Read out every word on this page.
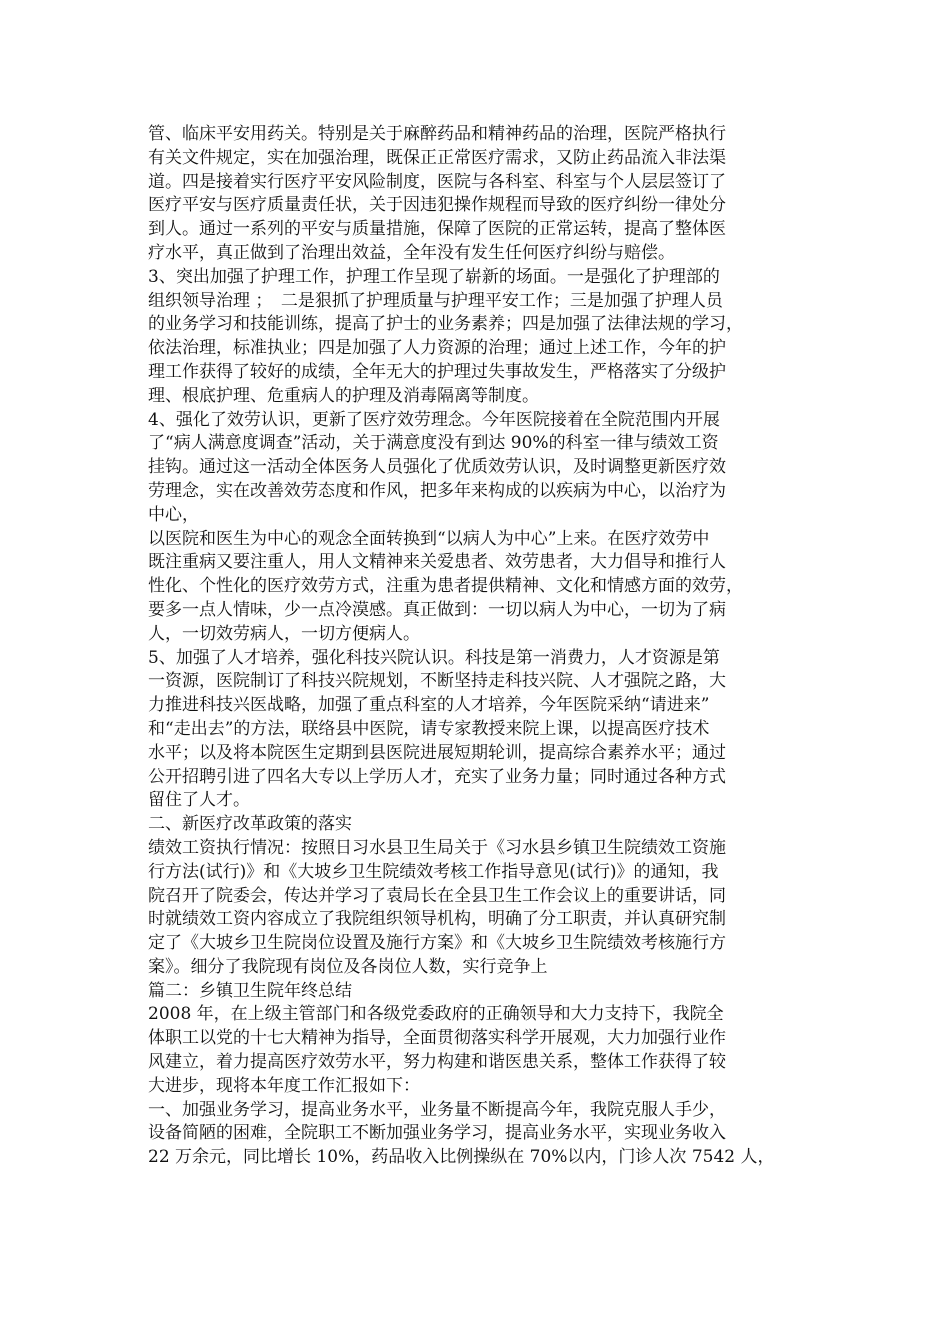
管、临床平安用药关。特别是关于麻醉药品和精神药品的治理，医院严格执行
有关文件规定，实在加强治理，既保正正常医疗需求，又防止药品流入非法渠
道。四是接着实行医疗平安风险制度，医院与各科室、科室与个人层层签订了
医疗平安与医疗质量责任状，关于因违犯操作规程而导致的医疗纠纷一律处分
到人。通过一系列的平安与质量措施，保障了医院的正常运转，提高了整体医
疗水平，真正做到了治理出效益，全年没有发生任何医疗纠纷与赔偿。
3、突出加强了护理工作，护理工作呈现了崭新的场面。一是强化了护理部的
组织领导治理 ；　二是狠抓了护理质量与护理平安工作；三是加强了护理人员
的业务学习和技能训练，提高了护士的业务素养；四是加强了法律法规的学习，
依法治理，标准执业；四是加强了人力资源的治理；通过上述工作，今年的护
理工作获得了较好的成绩，全年无大的护理过失事故发生，严格落实了分级护
理、根底护理、危重病人的护理及消毒隔离等制度。
4、强化了效劳认识，更新了医疗效劳理念。今年医院接着在全院范围内开展
了“病人满意度调查”活动，关于满意度没有到达 90%的科室一律与绩效工资
挂钩。通过这一活动全体医务人员强化了优质效劳认识，及时调整更新医疗效
劳理念，实在改善效劳态度和作风，把多年来构成的以疾病为中心，以治疗为
中心，
以医院和医生为中心的观念全面转换到“以病人为中心”上来。在医疗效劳中
既注重病又要注重人，用人文精神来关爱患者、效劳患者，大力倡导和推行人
性化、个性化的医疗效劳方式，注重为患者提供精神、文化和情感方面的效劳，
要多一点人情味，少一点冷漠感。真正做到：一切以病人为中心，一切为了病
人，一切效劳病人，一切方便病人。
5、加强了人才培养，强化科技兴院认识。科技是第一消费力，人才资源是第
一资源，医院制订了科技兴院规划，不断坚持走科技兴院、人才强院之路，大
力推进科技兴医战略，加强了重点科室的人才培养，今年医院采纳“请进来”
和“走出去”的方法，联络县中医院，请专家教授来院上课，以提高医疗技术
水平；以及将本院医生定期到县医院进展短期轮训，提高综合素养水平；通过
公开招聘引进了四名大专以上学历人才，充实了业务力量；同时通过各种方式
留住了人才。
二、新医疗改革政策的落实
绩效工资执行情况：按照日习水县卫生局关于《习水县乡镇卫生院绩效工资施
行方法(试行)》和《大坡乡卫生院绩效考核工作指导意见(试行)》的通知，我
院召开了院委会，传达并学习了袁局长在全县卫生工作会议上的重要讲话，同
时就绩效工资内容成立了我院组织领导机构，明确了分工职责，并认真研究制
定了《大坡乡卫生院岗位设置及施行方案》和《大坡乡卫生院绩效考核施行方
案》。细分了我院现有岗位及各岗位人数，实行竞争上
篇二：乡镇卫生院年终总结
2008 年，在上级主管部门和各级党委政府的正确领导和大力支持下，我院全
体职工以党的十七大精神为指导，全面贯彻落实科学开展观，大力加强行业作
风建立，着力提高医疗效劳水平，努力构建和谐医患关系，整体工作获得了较
大进步，现将本年度工作汇报如下：
一、加强业务学习，提高业务水平，业务量不断提高今年，我院克服人手少，
设备简陋的困难，全院职工不断加强业务学习，提高业务水平，实现业务收入
22 万余元，同比增长 10%，药品收入比例操纵在 70%以内，门诊人次 7542 人，
